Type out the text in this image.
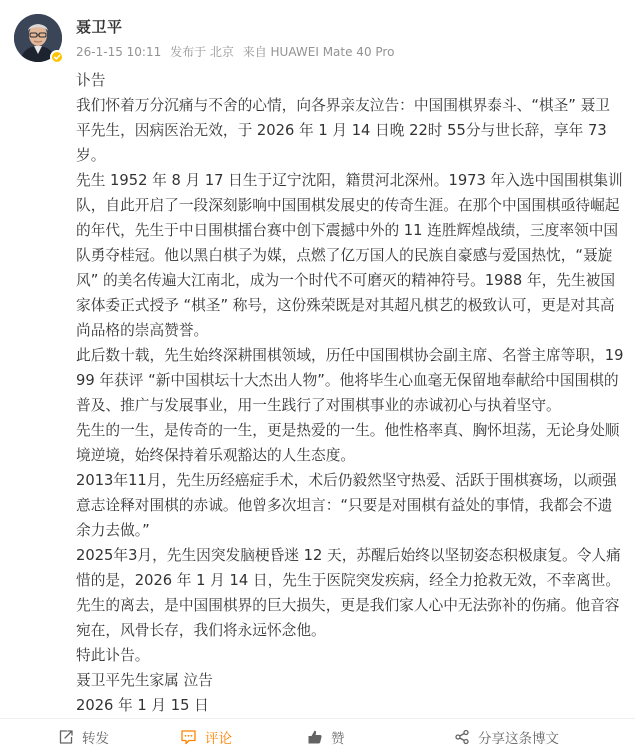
聂卫平
26-1-15 10:11 发布于 北京 来自 HUAWEI Mate 40 Pro

讣告

我们怀着万分沉痛与不舍的心情，向各界亲友泣告：中国围棋界泰斗、“棋圣” 聂卫平先生，因病医治无效，于 2026 年 1 月 14 日晚 22时 55分与世长辞，享年 73 岁。

先生 1952 年 8 月 17 日生于辽宁沈阳，籍贯河北深州。1973 年入选中国围棋集训队，自此开启了一段深刻影响中国围棋发展史的传奇生涯。在那个中国围棋亟待崛起的年代，先生于中日围棋擂台赛中创下震撼中外的 11 连胜辉煌战绩，三度率领中国队勇夺桂冠。他以黑白棋子为媒，点燃了亿万国人的民族自豪感与爱国热忱，“聂旋风” 的美名传遍大江南北，成为一个时代不可磨灭的精神符号。1988 年，先生被国家体委正式授予 “棋圣” 称号，这份殊荣既是对其超凡棋艺的极致认可，更是对其高尚品格的崇高赞誉。

此后数十载，先生始终深耕围棋领域，历任中国围棋协会副主席、名誉主席等职，1999 年获评 “新中国棋坛十大杰出人物”。他将毕生心血毫无保留地奉献给中国围棋的普及、推广与发展事业，用一生践行了对围棋事业的赤诚初心与执着坚守。

先生的一生，是传奇的一生，更是热爱的一生。他性格率真、胸怀坦荡，无论身处顺境逆境，始终保持着乐观豁达的人生态度。

2013年11月，先生历经癌症手术，术后仍毅然坚守热爱、活跃于围棋赛场，以顽强意志诠释对围棋的赤诚。他曾多次坦言：“只要是对围棋有益处的事情，我都会不遗余力去做。”

2025年3月，先生因突发脑梗昏迷 12 天，苏醒后始终以坚韧姿态积极康复。令人痛惜的是，2026 年 1 月 14 日，先生于医院突发疾病，经全力抢救无效，不幸离世。

先生的离去，是中国围棋界的巨大损失，更是我们家人心中无法弥补的伤痛。他音容宛在，风骨长存，我们将永远怀念他。

特此讣告。

聂卫平先生家属 泣告

2026 年 1 月 15 日

转发	评论	赞	分享这条博文
